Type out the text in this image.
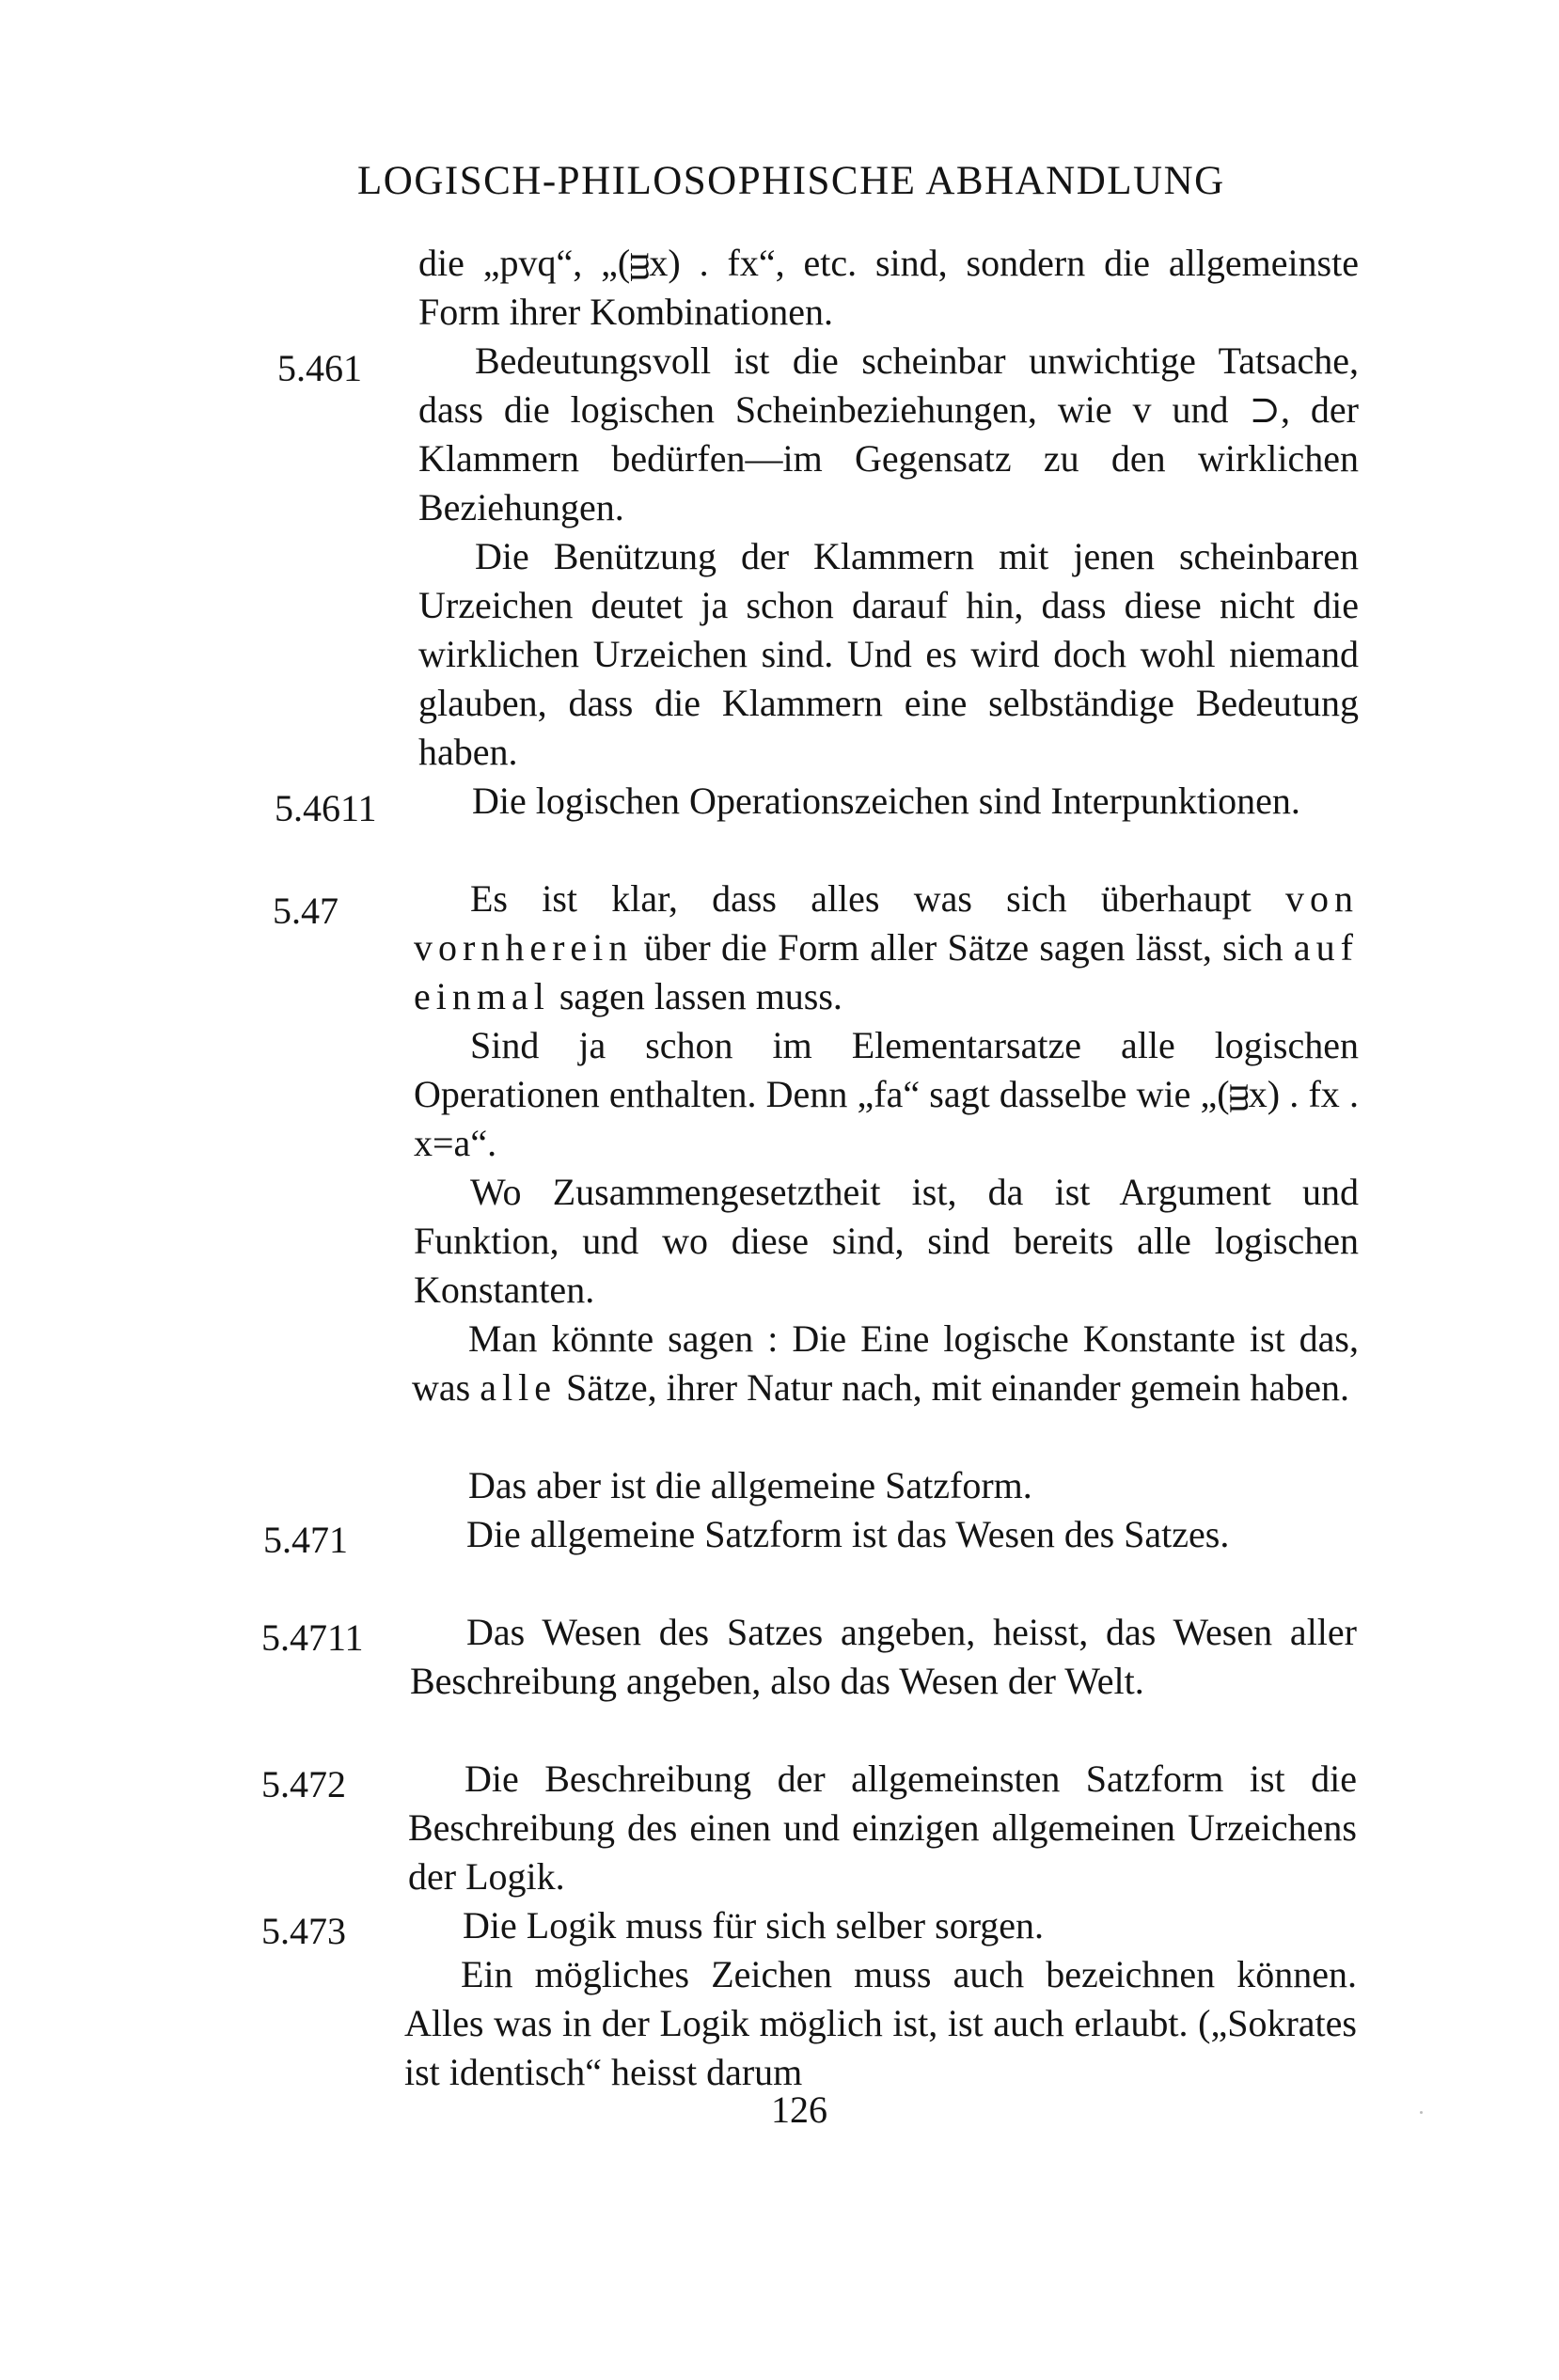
LOGISCH-PHILOSOPHISCHE ABHANDLUNG
die „pvq“, „(ᴟx) . fx“, etc. sind, sondern die allgemeinste Form ihrer Kombinationen.
5.461	Bedeutungsvoll ist die scheinbar unwichtige Tatsache, dass die logischen Scheinbeziehungen, wie v und ⊃, der Klammern bedürfen—im Gegensatz zu den wirklichen Beziehungen.
Die Benützung der Klammern mit jenen scheinbaren Urzeichen deutet ja schon darauf hin, dass diese nicht die wirklichen Urzeichen sind. Und es wird doch wohl niemand glauben, dass die Klammern eine selbständige Bedeutung haben.
5.4611	Die logischen Operationszeichen sind Interpunktionen.
5.47	Es ist klar, dass alles was sich überhaupt von vornherein über die Form aller Sätze sagen lässt, sich auf einmal sagen lassen muss.
Sind ja schon im Elementarsatze alle logischen Operationen enthalten. Denn „fa“ sagt dasselbe wie „(ᴟx) . fx . x=a“.
Wo Zusammengesetztheit ist, da ist Argument und Funktion, und wo diese sind, sind bereits alle logischen Konstanten.
Man könnte sagen : Die Eine logische Konstante ist das, was alle Sätze, ihrer Natur nach, mit einander gemein haben.
Das aber ist die allgemeine Satzform.
5.471	Die allgemeine Satzform ist das Wesen des Satzes.
5.4711	Das Wesen des Satzes angeben, heisst, das Wesen aller Beschreibung angeben, also das Wesen der Welt.
5.472	Die Beschreibung der allgemeinsten Satzform ist die Beschreibung des einen und einzigen allgemeinen Urzeichens der Logik.
5.473	Die Logik muss für sich selber sorgen.
Ein mögliches Zeichen muss auch bezeichnen können. Alles was in der Logik möglich ist, ist auch erlaubt. („Sokrates ist identisch“ heisst darum
126
